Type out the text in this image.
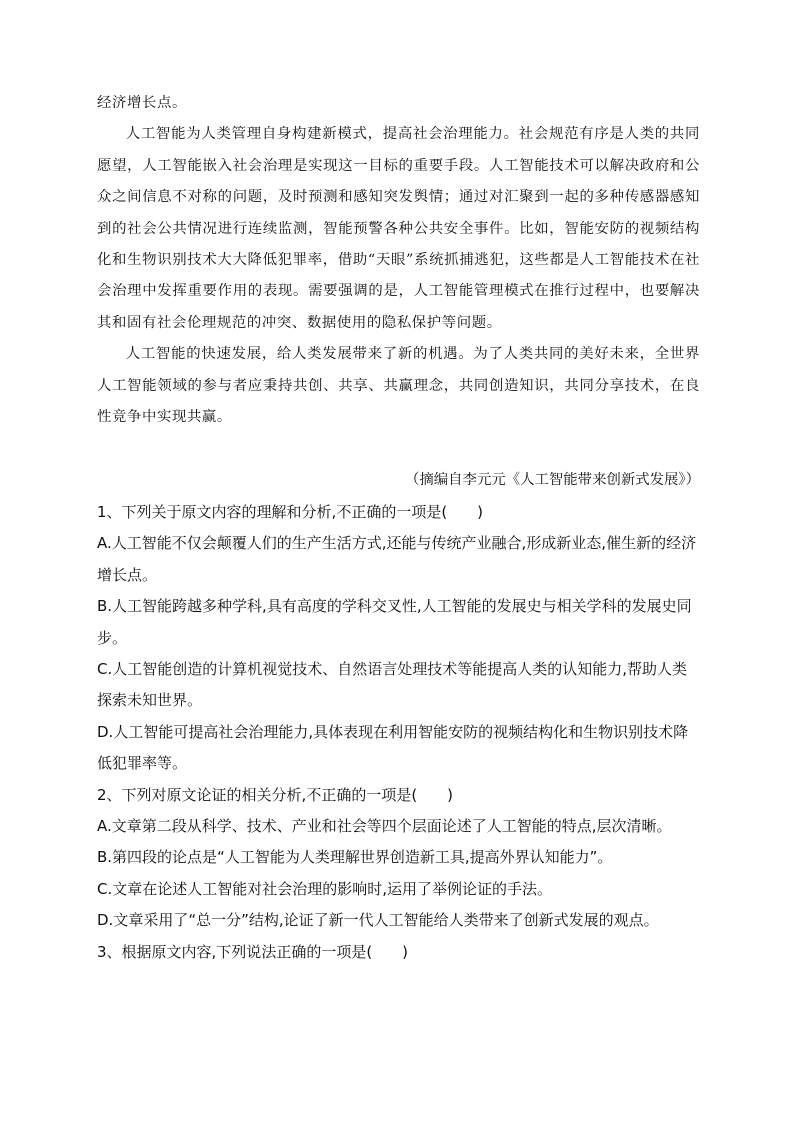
经济增长点。

人工智能为人类管理自身构建新模式，提高社会治理能力。社会规范有序是人类的共同愿望，人工智能嵌入社会治理是实现这一目标的重要手段。人工智能技术可以解决政府和公众之间信息不对称的问题，及时预测和感知突发舆情；通过对汇聚到一起的多种传感器感知到的社会公共情况进行连续监测，智能预警各种公共安全事件。比如，智能安防的视频结构化和生物识别技术大大降低犯罪率，借助“天眼”系统抓捕逃犯，这些都是人工智能技术在社会治理中发挥重要作用的表现。需要强调的是，人工智能管理模式在推行过程中，也要解决其和固有社会伦理规范的冲突、数据使用的隐私保护等问题。

人工智能的快速发展，给人类发展带来了新的机遇。为了人类共同的美好未来，全世界人工智能领域的参与者应秉持共创、共享、共赢理念，共同创造知识，共同分享技术，在良性竞争中实现共赢。

（摘编自李元元《人工智能带来创新式发展》）

1、下列关于原文内容的理解和分析,不正确的一项是(　　)

A.人工智能不仅会颠覆人们的生产生活方式,还能与传统产业融合,形成新业态,催生新的经济增长点。

B.人工智能跨越多种学科,具有高度的学科交叉性,人工智能的发展史与相关学科的发展史同步。

C.人工智能创造的计算机视觉技术、自然语言处理技术等能提高人类的认知能力,帮助人类探索未知世界。

D.人工智能可提高社会治理能力,具体表现在利用智能安防的视频结构化和生物识别技术降低犯罪率等。

2、下列对原文论证的相关分析,不正确的一项是(　　)

A.文章第二段从科学、技术、产业和社会等四个层面论述了人工智能的特点,层次清晰。

B.第四段的论点是“人工智能为人类理解世界创造新工具,提高外界认知能力”。

C.文章在论述人工智能对社会治理的影响时,运用了举例论证的手法。

D.文章采用了“总一分”结构,论证了新一代人工智能给人类带来了创新式发展的观点。

3、根据原文内容,下列说法正确的一项是(　　)
